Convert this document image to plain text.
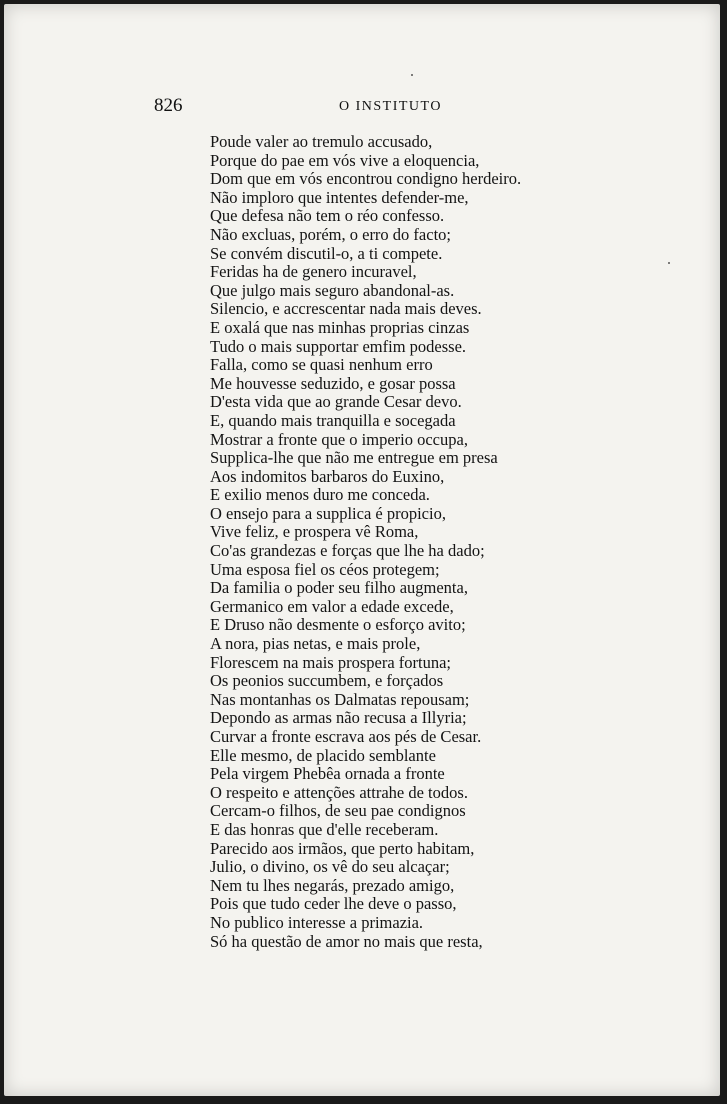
826	O INSTITUTO
Poude valer ao tremulo accusado,
Porque do pae em vós vive a eloquencia,
Dom que em vós encontrou condigno herdeiro.
Não imploro que intentes defender-me,
Que defesa não tem o réo confesso.
Não excluas, porém, o erro do facto;
Se convém discutil-o, a ti compete.
Feridas ha de genero incuravel,
Que julgo mais seguro abandonal-as.
Silencio, e accrescentar nada mais deves.
E oxalá que nas minhas proprias cinzas
Tudo o mais supportar emfim podesse.
Falla, como se quasi nenhum erro
Me houvesse seduzido, e gosar possa
D'esta vida que ao grande Cesar devo.
E, quando mais tranquilla e socegada
Mostrar a fronte que o imperio occupa,
Supplica-lhe que não me entregue em presa
Aos indomitos barbaros do Euxino,
E exilio menos duro me conceda.
O ensejo para a supplica é propicio,
Vive feliz, e prospera vê Roma,
Co'as grandezas e forças que lhe ha dado;
Uma esposa fiel os céos protegem;
Da familia o poder seu filho augmenta,
Germanico em valor a edade excede,
E Druso não desmente o esforço avito;
A nora, pias netas, e mais prole,
Florescem na mais prospera fortuna;
Os peonios succumbem, e forçados
Nas montanhas os Dalmatas repousam;
Depondo as armas não recusa a Illyria;
Curvar a fronte escrava aos pés de Cesar.
Elle mesmo, de placido semblante
Pela virgem Phebêa ornada a fronte
O respeito e attenções attrahe de todos.
Cercam-o filhos, de seu pae condignos
E das honras que d'elle receberam.
Parecido aos irmãos, que perto habitam,
Julio, o divino, os vê do seu alcaçar;
Nem tu lhes negarás, prezado amigo,
Pois que tudo ceder lhe deve o passo,
No publico interesse a primazia.
Só ha questão de amor no mais que resta,
